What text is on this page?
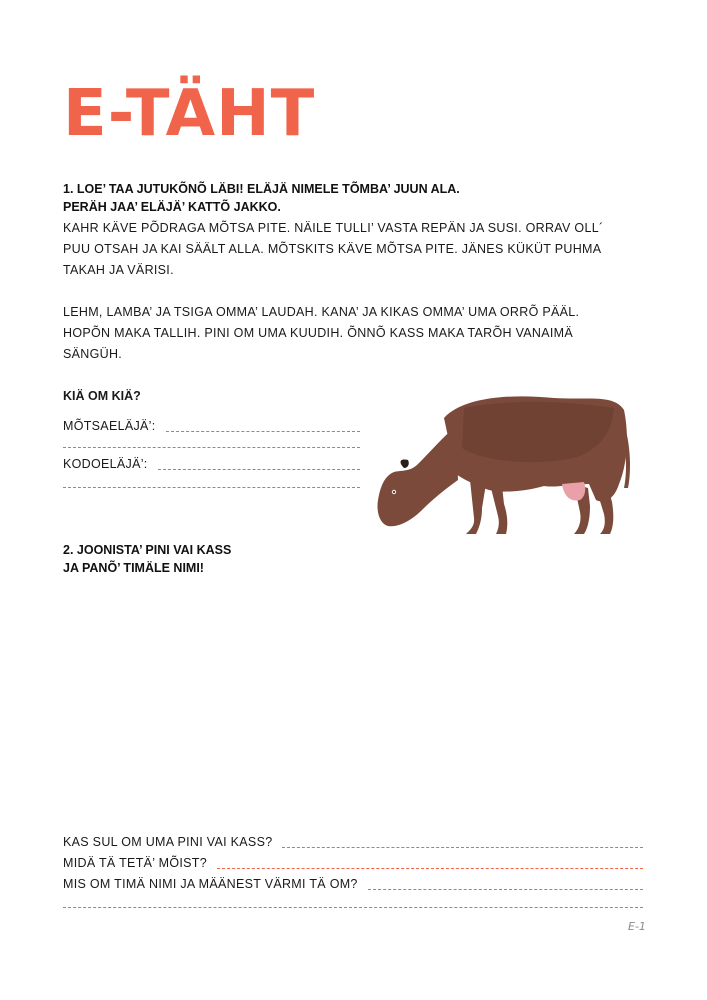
E-TÄHT
1. LOE’ TAA JUTUKÕNÕ LÄBI! ELÄJÄ NIMELE TÕMBA’ JUUN ALA.
PERÄH JAA’ ELÄJÄ’ KATTÕ JAKKO.
KAHR KÄVE PÕDRAGA MÕTSA PITE. NÄILE TULLI’ VASTA REPÄN JA SUSI. ORRAV OLL´
PUU OTSAH JA KAI SÄÄLT ALLA. MÕTSKITS KÄVE MÕTSA PITE. JÄNES KÜKÜT PUHMA
TAKAH JA VÄRISI.
LEHM, LAMBA’ JA TSIGA OMMA’ LAUDAH. KANA’ JA KIKAS OMMA’ UMA ORRÕ PÄÄL.
HOPÕN MAKA TALLIH. PINI OM UMA KUUDIH. ÕNNÕ KASS MAKA TARÕH VANAIMÄ
SÄNGÜH.
KIÄ OM KIÄ?
MÕTSAELÄJÄ’:
KODOELÄJÄ’:
2. JOONISTA’ PINI VAI KASS
JA PANÕ’ TIMÄLE NIMI!
KAS SUL OM UMA PINI VAI KASS?
MIDÄ TÄ TETÄ’ MÕIST?
MIS OM TIMÄ NIMI JA MÄÄNEST VÄRMI TÄ OM?
E-1
